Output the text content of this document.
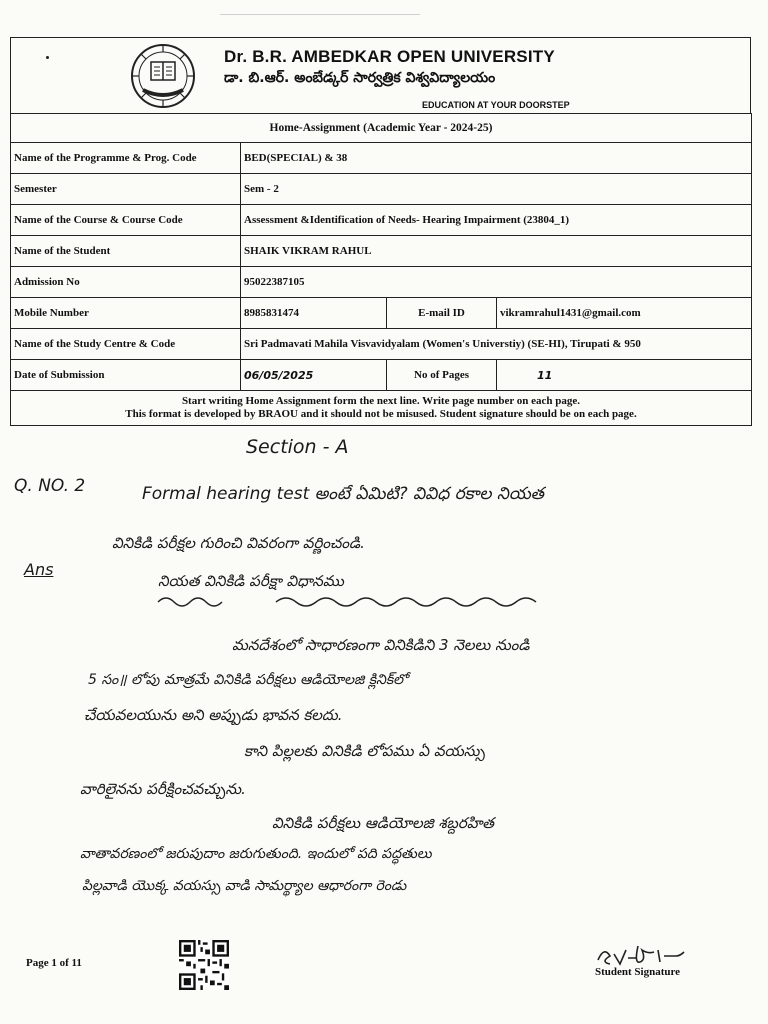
Dr. B.R. AMBEDKAR OPEN UNIVERSITY
డా. బి.ఆర్. అంబేడ్కర్ సార్వత్రిక విశ్వవిద్యాలయం
EDUCATION AT YOUR DOORSTEP
Home-Assignment (Academic Year - 2024-25)			
Name of the Programme & Prog. Code	BED(SPECIAL) & 38		
Semester	Sem - 2		
Name of the Course & Course Code	Assessment &Identification of Needs- Hearing Impairment (23804_1)		
Name of the Student	SHAIK VIKRAM RAHUL		
Admission No	95022387105		
Mobile Number	8985831474	E-mail ID	vikramrahul1431@gmail.com
Name of the Study Centre & Code	Sri Padmavati Mahila Visvavidyalam (Women's Universtiy) (SE-HI), Tirupati & 950		
Date of Submission	06/05/2025	No of Pages	11
Start writing Home Assignment form the next line. Write page number on each page.
This format is developed by BRAOU and it should not be misused. Student signature should be on each page.			
Section - A
Q. NO. 2	Formal hearing test అంటే ఏమిటి? వివిధ రకాల నియత
వినికిడి పరీక్షల గురించి వివరంగా వర్ణించండి.
Ans
నియత వినికిడి పరీక్షా విధానము
మనదేశంలో సాధారణంగా వినికిడిని 3 నెలలు నుండి
5 సం॥ లోపు మాత్రమే వినికిడి పరీక్షలు ఆడియోలజి క్లినిక్‌లో
చేయవలయును అని అప్పుడు భావన కలదు.
కాని పిల్లలకు వినికిడి లోపము ఏ వయస్సు
వారిలైనను పరీక్షించవచ్చును.
వినికిడి పరీక్షలు ఆడియోలజి శబ్దరహిత
వాతావరణంలో జరుపుదాం జరుగుతుంది. ఇందులో పది పద్ధతులు
పిల్లవాడి యొక్క వయస్సు వాడి సామర్థ్యాల ఆధారంగా రెండు
Page 1 of 11
Student Signature
